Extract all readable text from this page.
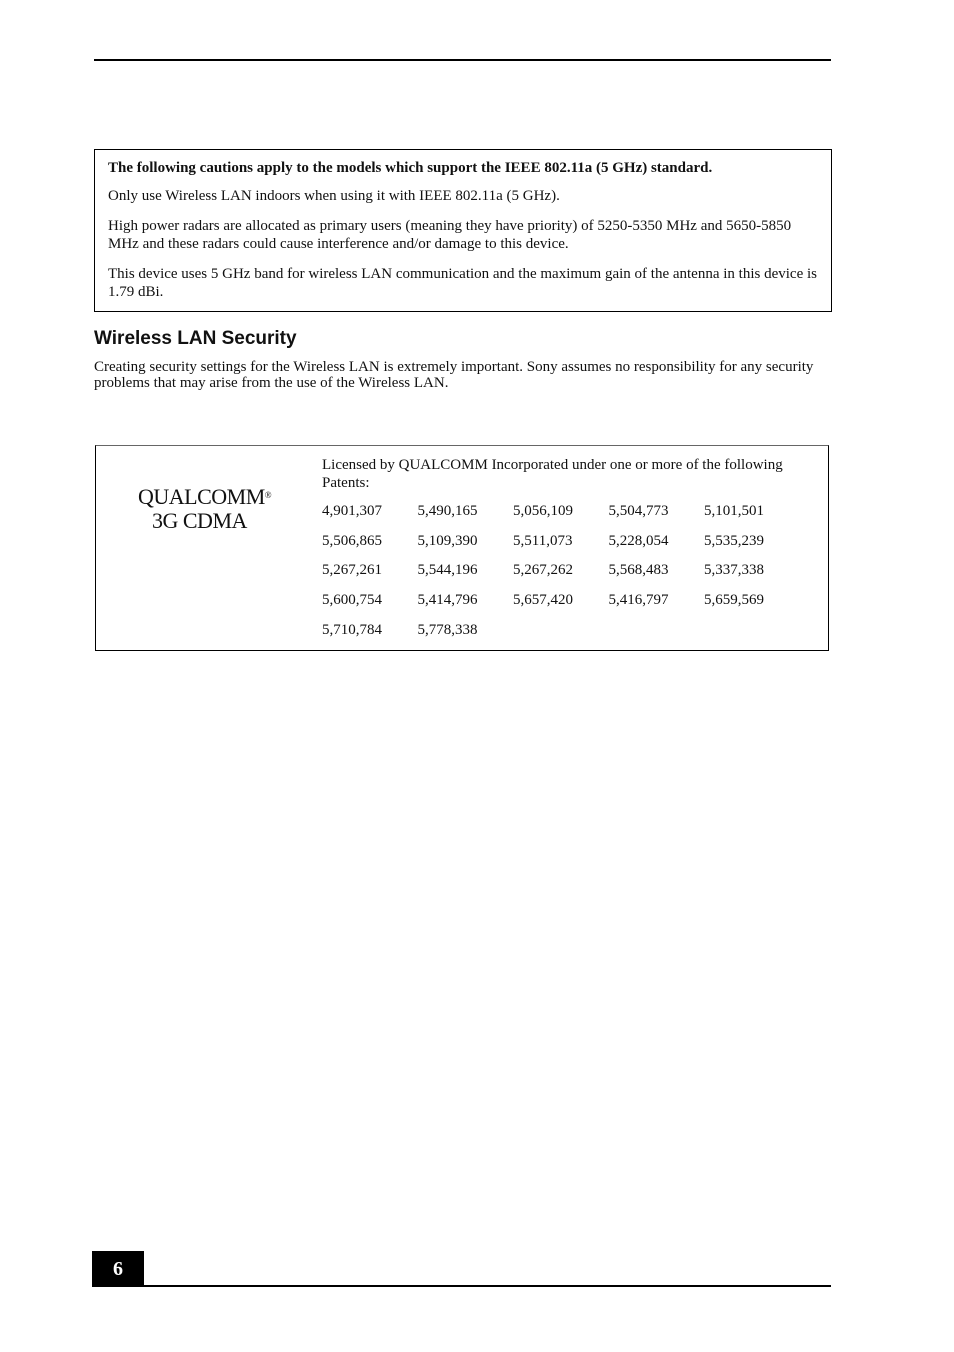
The following cautions apply to the models which support the IEEE 802.11a (5 GHz) standard.

Only use Wireless LAN indoors when using it with IEEE 802.11a (5 GHz).

High power radars are allocated as primary users (meaning they have priority) of 5250-5350 MHz and 5650-5850 MHz and these radars could cause interference and/or damage to this device.

This device uses 5 GHz band for wireless LAN communication and the maximum gain of the antenna in this device is 1.79 dBi.

Wireless LAN Security

Creating security settings for the Wireless LAN is extremely important. Sony assumes no responsibility for any security problems that may arise from the use of the Wireless LAN.

QUALCOMM®
3G CDMA

Licensed by QUALCOMM Incorporated under one or more of the following Patents:

4,901,307	5,490,165	5,056,109	5,504,773	5,101,501
5,506,865	5,109,390	5,511,073	5,228,054	5,535,239
5,267,261	5,544,196	5,267,262	5,568,483	5,337,338
5,600,754	5,414,796	5,657,420	5,416,797	5,659,569
5,710,784	5,778,338
6
